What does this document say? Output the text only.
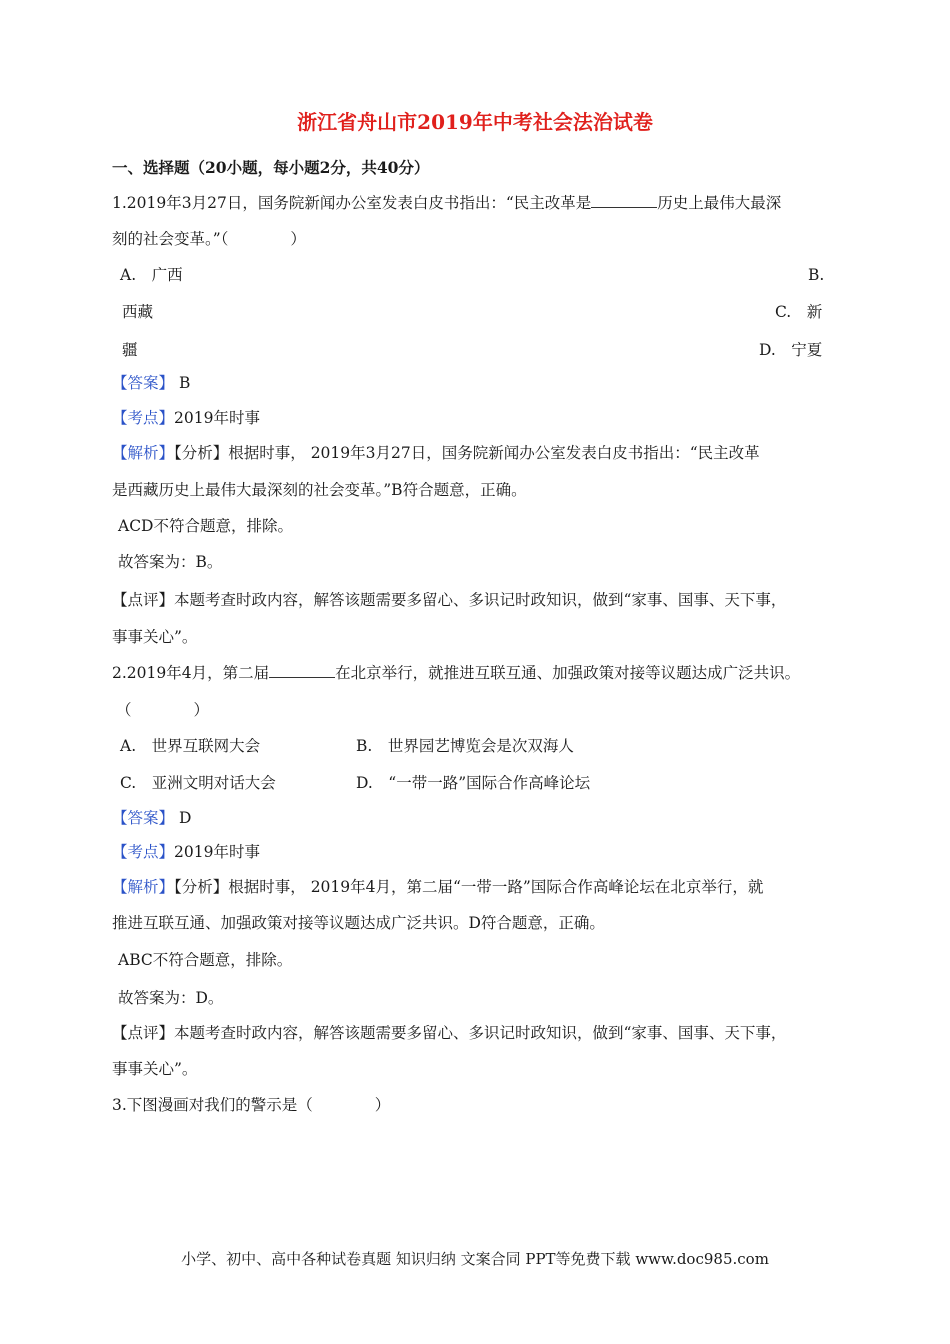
浙江省舟山市2019年中考社会法治试卷
一、选择题（20小题，每小题2分，共40分）
1.2019年3月27日，国务院新闻办公室发表白皮书指出：“民主改革是	历史上最伟大最深
刻的社会变革。”（　　　　）
A.　广西	B.
西藏	C.　新
疆	D.　宁夏
【答案】 B
【考点】2019年时事
【解析】【分析】根据时事， 2019年3月27日，国务院新闻办公室发表白皮书指出：“民主改革
是西藏历史上最伟大最深刻的社会变革。”B符合题意，正确。
ACD不符合题意，排除。
故答案为：B。
【点评】本题考查时政内容，解答该题需要多留心、多识记时政知识，做到“家事、国事、天下事，
事事关心”。
2.2019年4月，第二届	在北京举行，就推进互联互通、加强政策对接等议题达成广泛共识。
（　　　　）
A.　世界互联网大会	B.　世界园艺博览会是次双海人
C.　亚洲文明对话大会	D.　“一带一路”国际合作高峰论坛
【答案】 D
【考点】2019年时事
【解析】【分析】根据时事， 2019年4月，第二届“一带一路”国际合作高峰论坛在北京举行，就
推进互联互通、加强政策对接等议题达成广泛共识。D符合题意，正确。
ABC不符合题意，排除。
故答案为：D。
【点评】本题考查时政内容，解答该题需要多留心、多识记时政知识，做到“家事、国事、天下事，
事事关心”。
3.下图漫画对我们的警示是（　　　　）
小学、初中、高中各种试卷真题 知识归纳 文案合同 PPT等免费下载 www.doc985.com
